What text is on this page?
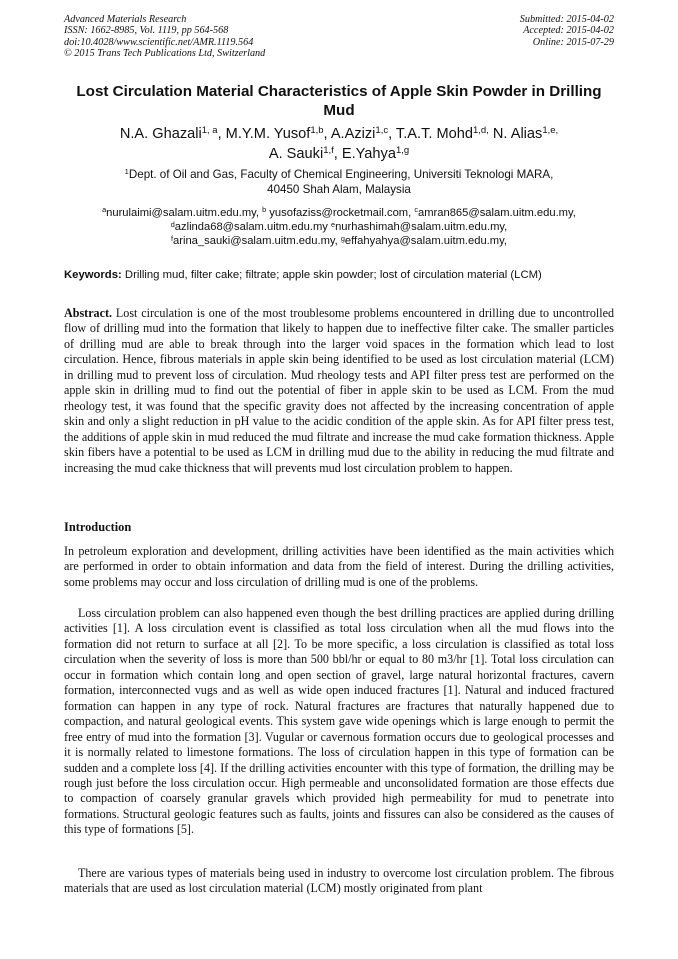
Advanced Materials Research
ISSN: 1662-8985, Vol. 1119, pp 564-568
doi:10.4028/www.scientific.net/AMR.1119.564
© 2015 Trans Tech Publications Ltd, Switzerland
Submitted: 2015-04-02
Accepted: 2015-04-02
Online: 2015-07-29
Lost Circulation Material Characteristics of Apple Skin Powder in Drilling Mud
N.A. Ghazali$^{1, a}$, M.Y.M. Yusof$^{1,b}$, A.Azizi$^{1,c}$, T.A.T. Mohd$^{1,d,}$ N. Alias$^{1,e,}$
A. Sauki$^{1,f}$, E.Yahya$^{1,g}$
$^1$Dept. of Oil and Gas, Faculty of Chemical Engineering, Universiti Teknologi MARA,
40450 Shah Alam, Malaysia
$^a$nurulaimi@salam.uitm.edu.my, $^b$ yusofaziss@rocketmail.com, $^c$amran865@salam.uitm.edu.my,
$^d$azlinda68@salam.uitm.edu.my $^e$nurhashimah@salam.uitm.edu.my,
$^f$arina_sauki@salam.uitm.edu.my, $^g$effahyahya@salam.uitm.edu.my,
Keywords: Drilling mud, filter cake; filtrate; apple skin powder; lost of circulation material (LCM)
Abstract. Lost circulation is one of the most troublesome problems encountered in drilling due to uncontrolled flow of drilling mud into the formation that likely to happen due to ineffective filter cake. The smaller particles of drilling mud are able to break through into the larger void spaces in the formation which lead to lost circulation. Hence, fibrous materials in apple skin being identified to be used as lost circulation material (LCM) in drilling mud to prevent loss of circulation. Mud rheology tests and API filter press test are performed on the apple skin in drilling mud to find out the potential of fiber in apple skin to be used as LCM. From the mud rheology test, it was found that the specific gravity does not affected by the increasing concentration of apple skin and only a slight reduction in pH value to the acidic condition of the apple skin. As for API filter press test, the additions of apple skin in mud reduced the mud filtrate and increase the mud cake formation thickness. Apple skin fibers have a potential to be used as LCM in drilling mud due to the ability in reducing the mud filtrate and increasing the mud cake thickness that will prevents mud lost circulation problem to happen.
Introduction
In petroleum exploration and development, drilling activities have been identified as the main activities which are performed in order to obtain information and data from the field of interest. During the drilling activities, some problems may occur and loss circulation of drilling mud is one of the problems.
Loss circulation problem can also happened even though the best drilling practices are applied during drilling activities [1]. A loss circulation event is classified as total loss circulation when all the mud flows into the formation did not return to surface at all [2]. To be more specific, a loss circulation is classified as total loss circulation when the severity of loss is more than 500 bbl/hr or equal to 80 m3/hr [1]. Total loss circulation can occur in formation which contain long and open section of gravel, large natural horizontal fractures, cavern formation, interconnected vugs and as well as wide open induced fractures [1]. Natural and induced fractured formation can happen in any type of rock. Natural fractures are fractures that naturally happened due to compaction, and natural geological events. This system gave wide openings which is large enough to permit the free entry of mud into the formation [3]. Vugular or cavernous formation occurs due to geological processes and it is normally related to limestone formations. The loss of circulation happen in this type of formation can be sudden and a complete loss [4]. If the drilling activities encounter with this type of formation, the drilling may be rough just before the loss circulation occur. High permeable and unconsolidated formation are those effects due to compaction of coarsely granular gravels which provided high permeability for mud to penetrate into formations. Structural geologic features such as faults, joints and fissures can also be considered as the causes of this type of formations [5].
There are various types of materials being used in industry to overcome lost circulation problem. The fibrous materials that are used as lost circulation material (LCM) mostly originated from plant
